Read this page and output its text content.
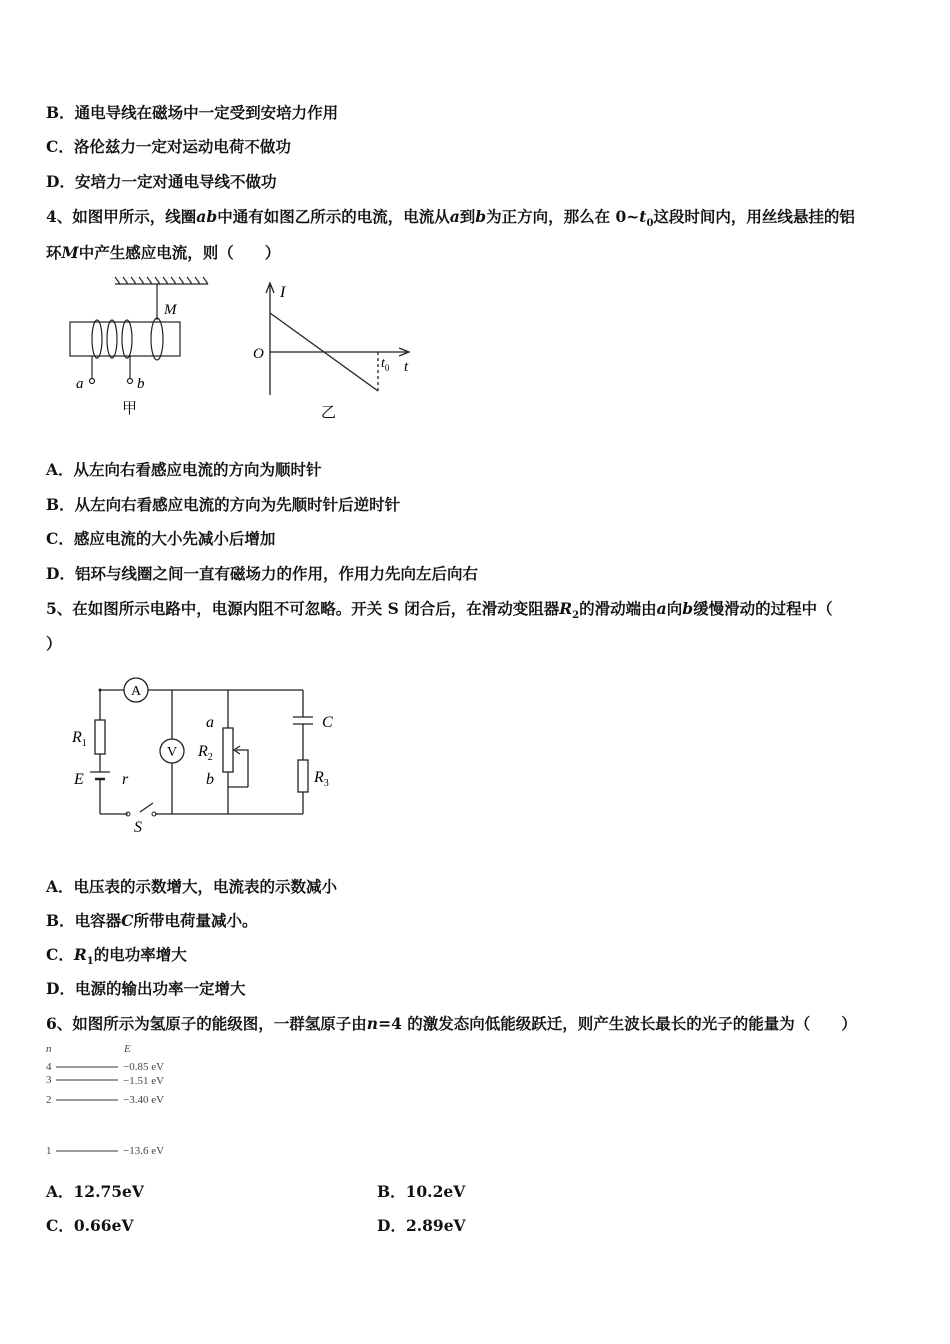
B．通电导线在磁场中一定受到安培力作用
C．洛伦兹力一定对运动电荷不做功
D．安培力一定对通电导线不做功
4、如图甲所示，线圈ab中通有如图乙所示的电流，电流从a到b为正方向，那么在 $0\sim t_0$这段时间内，用丝线悬挂的铝
环M中产生感应电流，则（　　）
M
a	b
甲
I
O
t
$t_0$
乙
A．从左向右看感应电流的方向为顺时针
B．从左向右看感应电流的方向为先顺时针后逆时针
C．感应电流的大小先减小后增加
D．铝环与线圈之间一直有磁场力的作用，作用力先向左后向右
5、在如图所示电路中，电源内阻不可忽略。开关 S 闭合后，在滑动变阻器$R_2$的滑动端由a向b缓慢滑动的过程中（
）
A
V
$R_1$
E r
S
a
$R_2$
b
C
$R_3$
A．电压表的示数增大，电流表的示数减小
B．电容器C所带电荷量减小。
C．$R_1$的电功率增大
D．电源的输出功率一定增大
6、如图所示为氢原子的能级图，一群氢原子由n=4 的激发态向低能级跃迁，则产生波长最长的光子的能量为（　　）
n	E
4	−0.85 eV
3	−1.51 eV
2	−3.40 eV
1	−13.6 eV
A．12.75eV	B．10.2eV
C．0.66eV	D．2.89eV
